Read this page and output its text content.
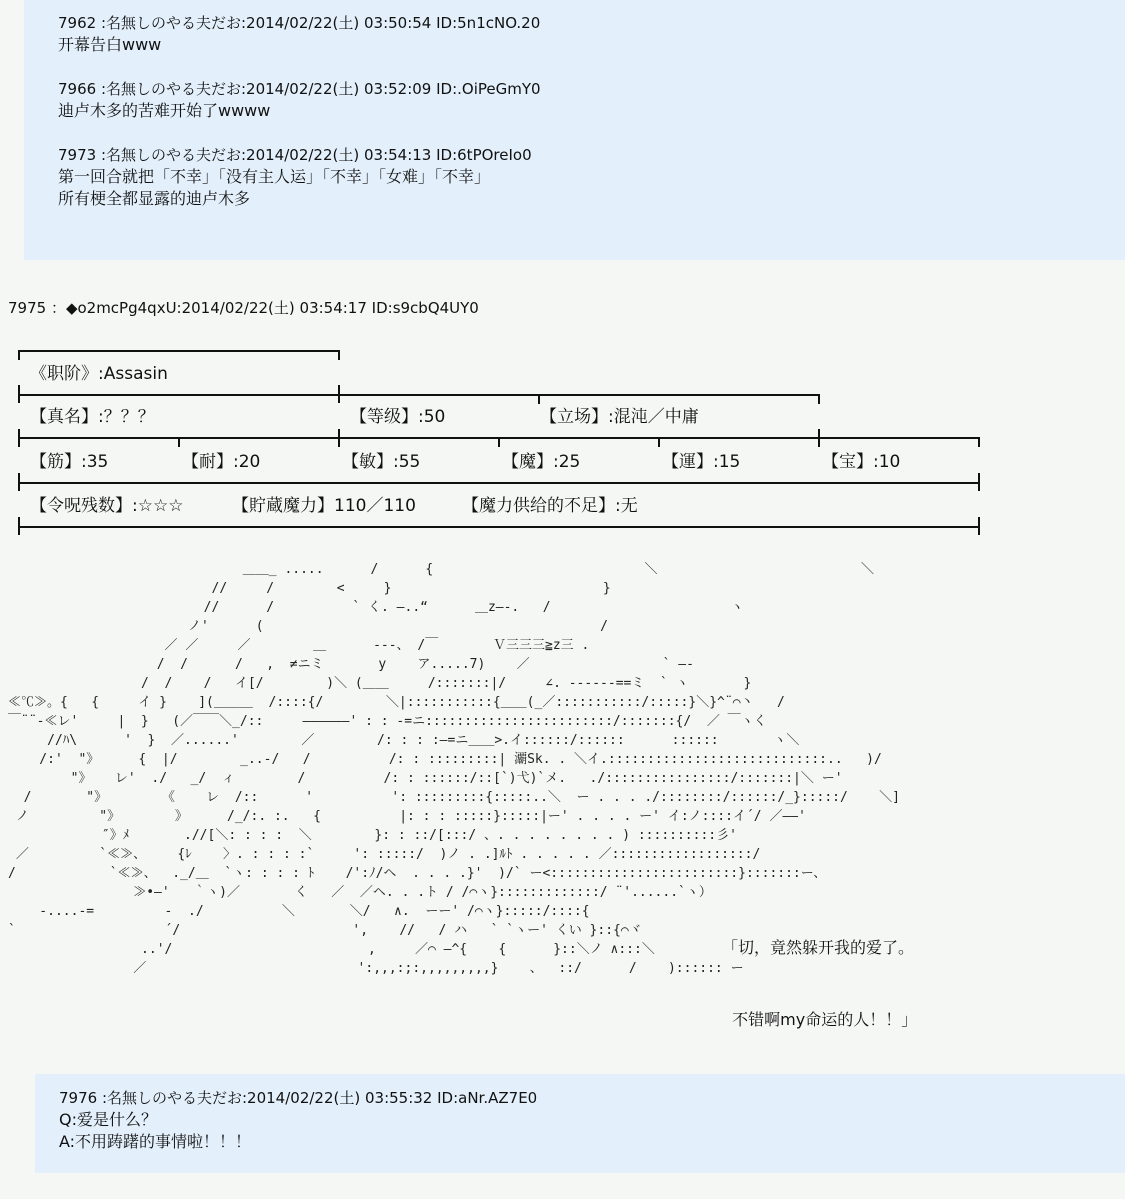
7962 :名無しのやる夫だお:2014/02/22(土) 03:50:54 ID:5n1cNO.20
开幕告白www
7966 :名無しのやる夫だお:2014/02/22(土) 03:52:09 ID:.OiPeGmY0
迪卢木多的苦难开始了wwww
7973 :名無しのやる夫だお:2014/02/22(土) 03:54:13 ID:6tPOreIo0
第一回合就把「不幸」「没有主人运」「不幸」「女难」「不幸」
所有梗全都显露的迪卢木多
7975 ：◆o2mcPg4qxU:2014/02/22(土) 03:54:17 ID:s9cbQ4UY0
《职阶》:Assasin
【真名】:？？？	【等级】:50	【立场】:混沌／中庸
【筋】:35	【耐】:20	【敏】:55	【魔】:25	【運】:15	【宝】:10
【令呪残数】:☆☆☆	【貯蔵魔力】110／110	【魔力供给的不足】:无
＿＿_ .....      /      {                           ＼                          ＼
//     /        <     }                           }
//      /          ` く. ―..“      ＿z―-.   /                       ヽ
ノ'      (                                           /
／ ／     ／        ＿      ---、 /￣       Ｖ三三三≧z三 .
/  /      /   ,  ≠ニミ       y    ア.....7)    ／                 ` ―-
/  /    /   イ[/        )＼ (＿＿     /:::::::|/     ∠. ------==ミ  ` ヽ       }
≪℃≫。{   {     イ }    ](＿＿＿  /::::{/        ＼|:::::::::::{＿＿(_／:::::::::::/:::::}＼}^¨⌒丶   /
￣¨¨-≪レ'     |  }   (／￣￣＼_/::     ――――――' : : -=ニ::::::::::::::::::::::::/:::::::{/  ／ ￣ヽく
//ﾊ\      '  }  ／......'        ／        /: : : :―=ニ＿＿>.イ::::::/::::::      ::::::       ヽ＼
/:'  "》     {  |/        _..-/   /          /: : :::::::::| 㶚Sk. . ＼イ.::::::::::::::::::::::::::::..   )/
"》   レ'  ./   _/  ィ        /          /: : ::::::/::[`)弋)`メ.   ./::::::::::::::::/:::::::|＼ ー'
/       "》       《    レ  /::      '          ': :::::::::{:::::..＼  ー . . . ./::::::::/::::::/_}:::::/    ＼]
ノ         "》       》     /_/:. :.   {          |: : : :::::}:::::|ー' . . . . ー' イ:ノ::::イ´/ ／――'
″》ﾒ       .//[＼: : : :  ＼        }: : ::/[:::/ 、. . . . . . . . ) ::::::::::彡'
／         `≪≫、    {ﾚ    〉. : : : :`     ': :::::/  )ノ . .]ﾙﾄ . . . . . ／::::::::::::::::::/
/            `≪≫、  ._/＿  `ヽ: : : : ﾄ    /':ﾉ/ヘ  . . . .}'  )/` ー<::::::::::::::::::::::::}:::::::ー、
≫•―'   ｀ヽ)／       く   ／  ／ヘ. . .ト / /⌒ヽ}:::::::::::::/ ¨'......`ヽ）
-....-=         -  ./          ＼       ＼/   ∧.  ーー' /⌒ヽ}:::::/::::{
`                   ´/                      ',    //   / ハ   ` `ヽー' くい }::{⌒ヾ
..'/                         ,     ／⌒ ―^{    {      }::＼ノ ∧:::＼
／                           ':,,,:;:,,,,,,,,,}    、  ::/      /    ):::::: ー

「切，竟然躲开我的爱了。

不错啊my命运的人！！」

7976 :名無しのやる夫だお:2014/02/22(土) 03:55:32 ID:aNr.AZ7E0
Q:爱是什么？
A:不用踌躇的事情啦！！！
